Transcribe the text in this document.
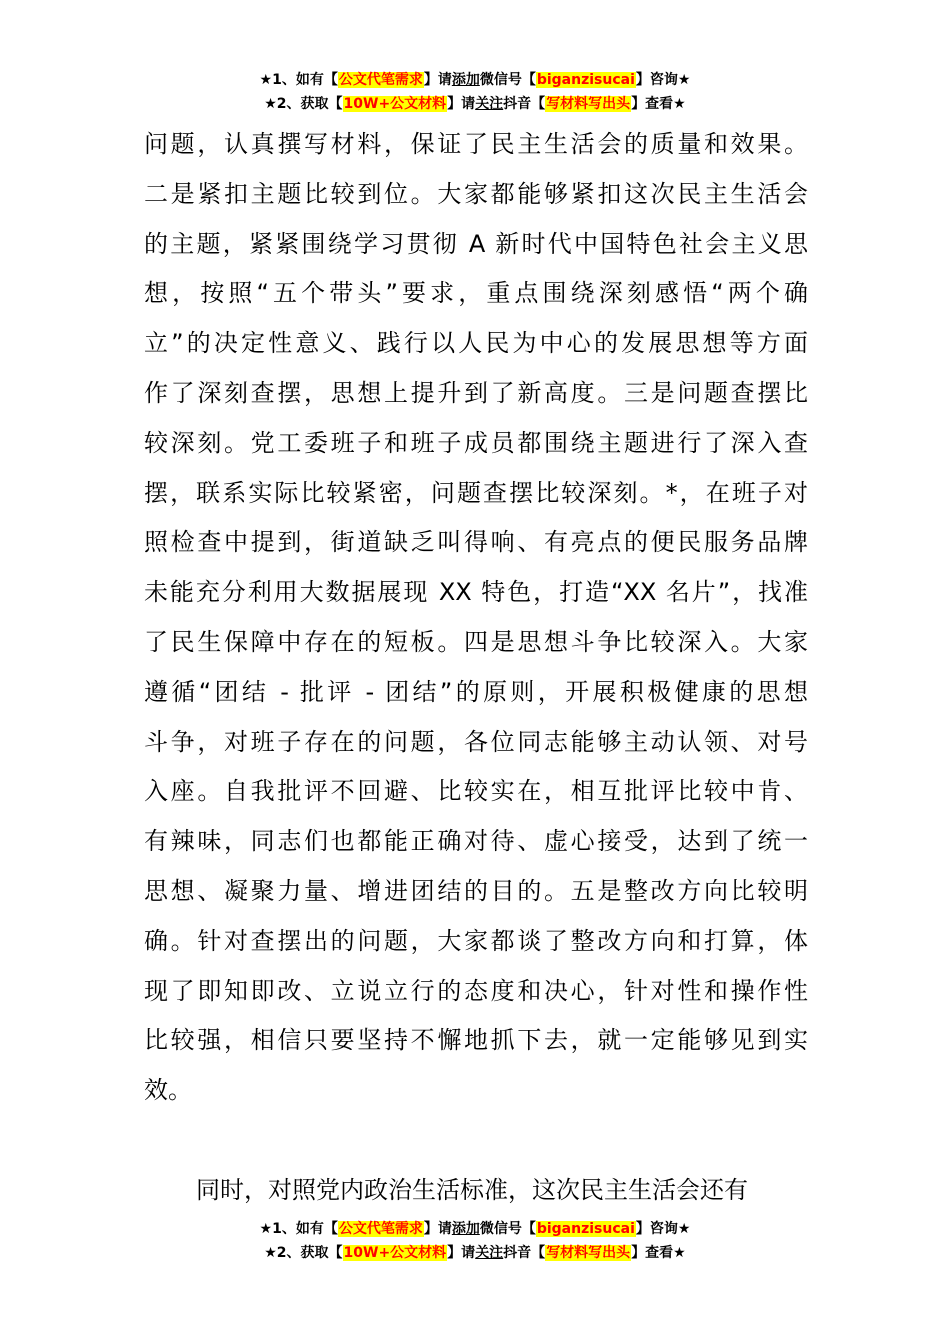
★1、如有【公文代笔需求】请添加微信号【biganzisucai】咨询★
★2、获取【10W+公文材料】请关注抖音【写材料写出头】查看★
问题，认真撰写材料，保证了民主生活会的质量和效果。
二是紧扣主题比较到位。大家都能够紧扣这次民主生活会
的主题，紧紧围绕学习贯彻 A 新时代中国特色社会主义思
想，按照“五个带头”要求，重点围绕深刻感悟“两个确
立”的决定性意义、践行以人民为中心的发展思想等方面
作了深刻查摆，思想上提升到了新高度。三是问题查摆比
较深刻。党工委班子和班子成员都围绕主题进行了深入查
摆，联系实际比较紧密，问题查摆比较深刻。*，在班子对
照检查中提到，街道缺乏叫得响、有亮点的便民服务品牌
未能充分利用大数据展现 XX 特色，打造“XX 名片”，找准
了民生保障中存在的短板。四是思想斗争比较深入。大家
遵循“团结 - 批评 - 团结”的原则，开展积极健康的思想
斗争，对班子存在的问题，各位同志能够主动认领、对号
入座。自我批评不回避、比较实在，相互批评比较中肯、
有辣味，同志们也都能正确对待、虚心接受，达到了统一
思想、凝聚力量、增进团结的目的。五是整改方向比较明
确。针对查摆出的问题，大家都谈了整改方向和打算，体
现了即知即改、立说立行的态度和决心，针对性和操作性
比较强，相信只要坚持不懈地抓下去，就一定能够见到实
效。
同时，对照党内政治生活标准，这次民主生活会还有
★1、如有【公文代笔需求】请添加微信号【biganzisucai】咨询★
★2、获取【10W+公文材料】请关注抖音【写材料写出头】查看★
